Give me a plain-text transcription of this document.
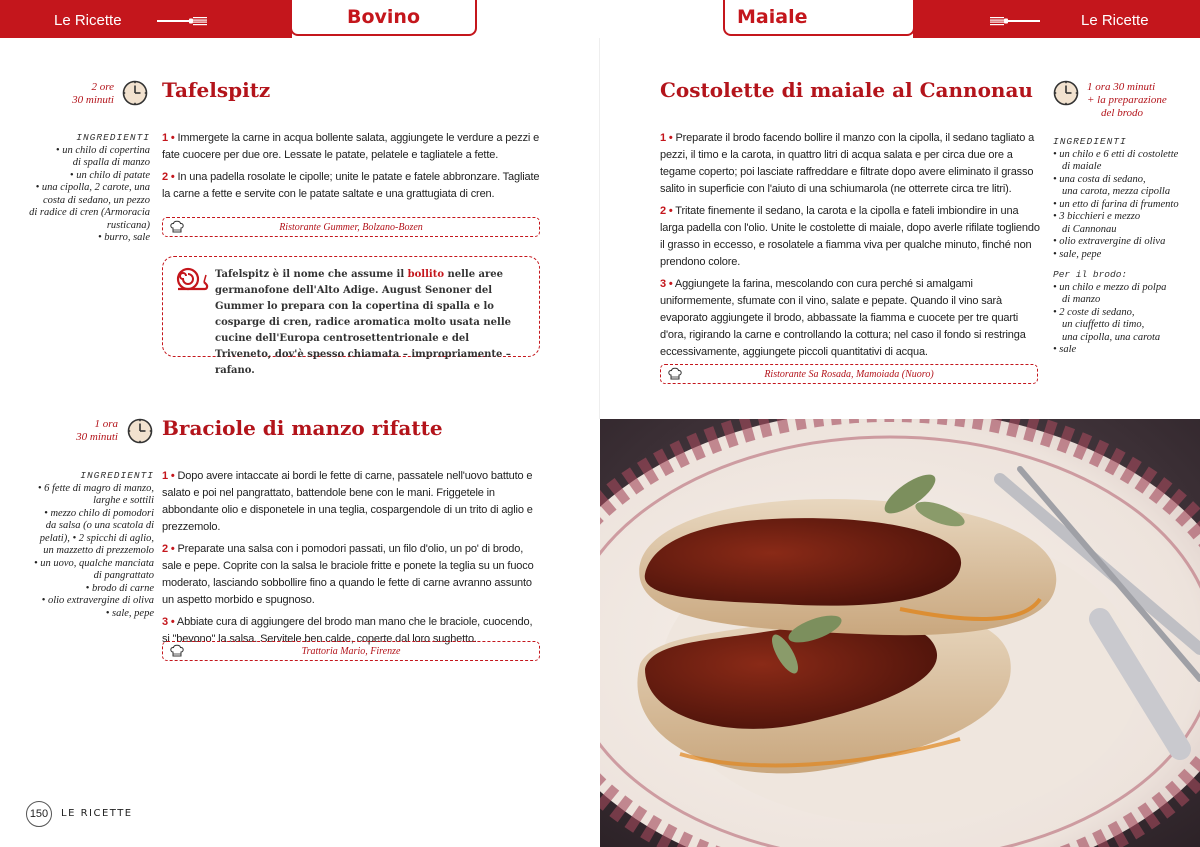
Le Ricette	Bovino	Maiale	Le Ricette
2 ore
30 minuti Tafelspitz
INGREDIENTI
• un chilo di copertina
di spalla di manzo
• un chilo di patate
• una cipolla, 2 carote, una
costa di sedano, un pezzo
di radice di cren (Armoracia
rusticana)
• burro, sale

1 • Immergete la carne in acqua bollente salata, aggiungete le verdure a pezzi e fate cuocere per due ore. Lessate le patate, pelatele e tagliatele a fette.

2 • In una padella rosolate le cipolle; unite le patate e fatele abbronzare. Tagliate la carne a fette e servite con le patate saltate e una grattugiata di cren.

Ristorante Gummer, Bolzano-Bozen
Tafelspitz è il nome che assume il bollito nelle aree germanofone dell'Alto Adige. August Senoner del Gummer lo prepara con la copertina di spalla e lo cosparge di cren, radice aromatica molto usata nelle cucine dell'Europa centrosettentrionale e del Triveneto, dov'è spesso chiamata – impropriamente – rafano.
1 ora
30 minuti Braciole di manzo rifatte
INGREDIENTI
• 6 fette di magro di manzo,
larghe e sottili
• mezzo chilo di pomodori
da salsa (o una scatola di
pelati), • 2 spicchi di aglio,
un mazzetto di prezzemolo
• un uovo, qualche manciata
di pangrattato
• brodo di carne
• olio extravergine di oliva
• sale, pepe

1 • Dopo avere intaccate ai bordi le fette di carne, passatele nell'uovo battuto e salato e poi nel pangrattato, battendole bene con le mani. Friggetele in abbondante olio e disponetele in una teglia, cospargendole di un trito di aglio e prezzemolo.

2 • Preparate una salsa con i pomodori passati, un filo d'olio, un po' di brodo, sale e pepe. Coprite con la salsa le braciole fritte e ponete la teglia su un fuoco moderato, lasciando sobbollire fino a quando le fette di carne avranno assunto un aspetto morbido e spugnoso.

3 • Abbiate cura di aggiungere del brodo man mano che le braciole, cuocendo, si "bevono" la salsa. Servitele ben calde, coperte dal loro sughetto.

Trattoria Mario, Firenze
Costolette di maiale al Cannonau	1 ora 30 minuti
+ la preparazione
del brodo

1 • Preparate il brodo facendo bollire il manzo con la cipolla, il sedano tagliato a pezzi, il timo e la carota, in quattro litri di acqua salata e per circa due ore a tegame coperto; poi lasciate raffreddare e filtrate dopo avere eliminato il grasso salito in superficie con l'aiuto di una schiumarola (ne otterrete circa tre litri).

2 • Tritate finemente il sedano, la carota e la cipolla e fateli imbiondire in una larga padella con l'olio. Unite le costolette di maiale, dopo averle rifilate togliendo il grasso in eccesso, e rosolatele a fiamma viva per qualche minuto, finché non prendono colore.

3 • Aggiungete la farina, mescolando con cura perché si amalgami uniformemente, sfumate con il vino, salate e pepate. Quando il vino sarà evaporato aggiungete il brodo, abbassate la fiamma e cuocete per tre quarti d'ora, rigirando la carne e controllando la cottura; nel caso il fondo si restringa eccessivamente, aggiungete piccoli quantitativi di acqua.

INGREDIENTI
• un chilo e 6 etti di costolette
di maiale
• una costa di sedano,
una carota, mezza cipolla
• un etto di farina di frumento
• 3 bicchieri e mezzo
di Cannonau
• olio extravergine di oliva
• sale, pepe
Per il brodo:
• un chilo e mezzo di polpa
di manzo
• 2 coste di sedano,
un ciuffetto di timo,
una cipolla, una carota
• sale
Ristorante Sa Rosada, Mamoiada (Nuoro)
150	LE RICETTE
